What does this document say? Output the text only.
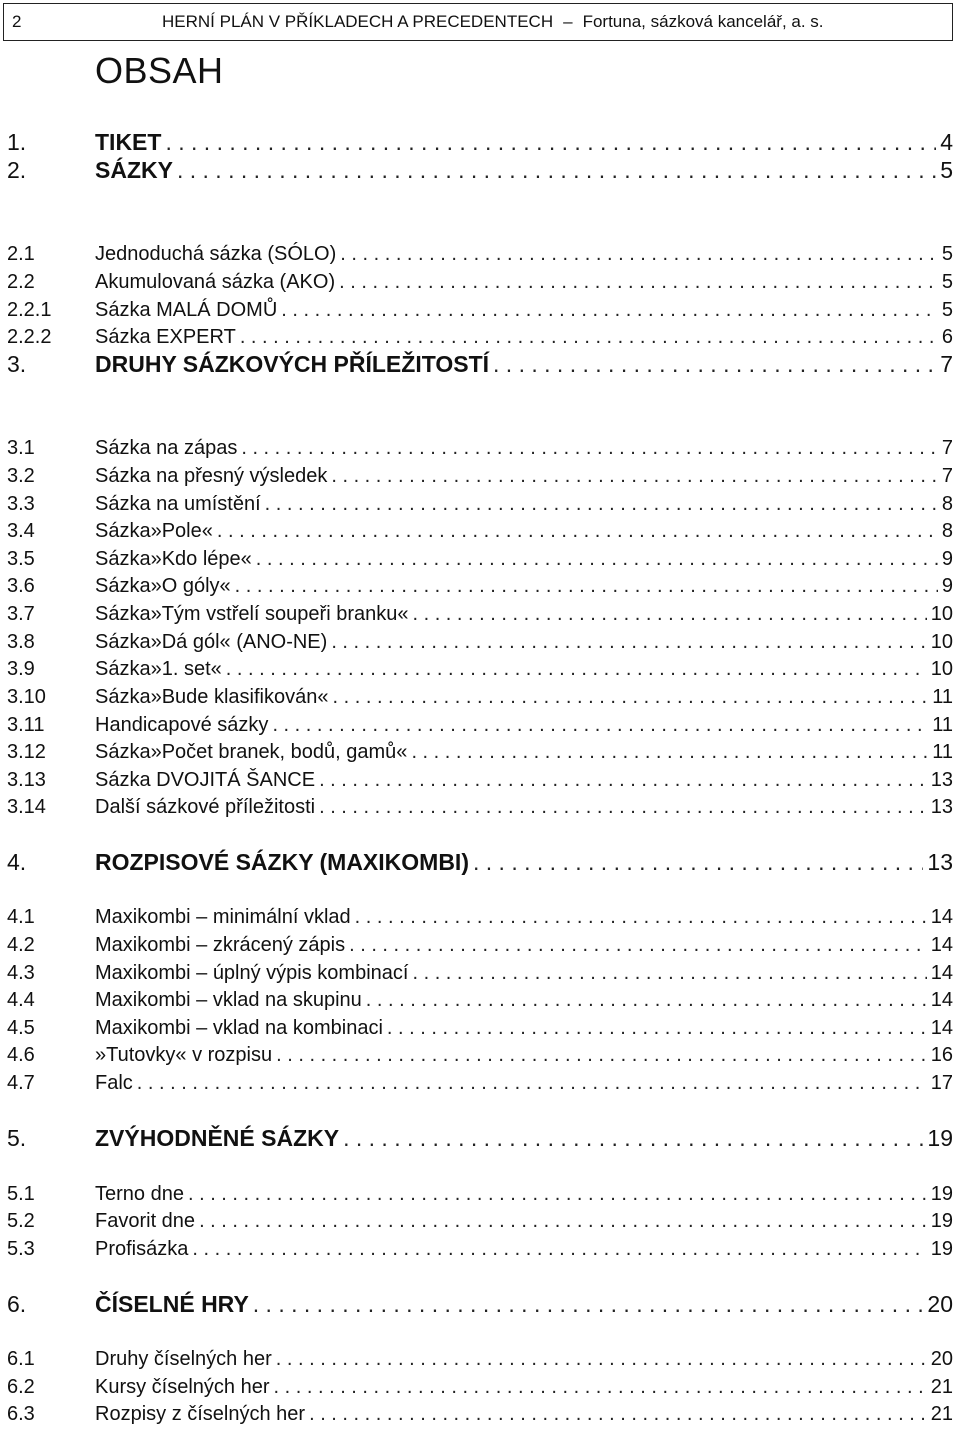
2	HERNÍ PLÁN V PŘÍKLADECH A PRECEDENTECH – Fortuna, sázková kancelář, a. s.
OBSAH
1.	TIKET . . .	4
2.	SÁZKY . . .	5
2.1	Jednoduchá sázka (SÓLO) . . .	5
2.2	Akumulovaná sázka (AKO) . . .	5
2.2.1	Sázka MALÁ DOMŮ . . .	5
2.2.2	Sázka EXPERT . . .	6
3.	DRUHY SÁZKOVÝCH PŘÍLEŽITOSTÍ . . .	7
3.1	Sázka na zápas . . .	7
3.2	Sázka na přesný výsledek . . .	7
3.3	Sázka na umístění . . .	8
3.4	Sázka»Pole« . . .	8
3.5	Sázka»Kdo lépe« . . .	9
3.6	Sázka»O góly« . . .	9
3.7	Sázka»Tým vstřelí soupeři branku« . . .	10
3.8	Sázka»Dá gól« (ANO-NE) . . .	10
3.9	Sázka»1. set« . . .	10
3.10	Sázka»Bude klasifikován« . . .	11
3.11	Handicapové sázky . . .	11
3.12	Sázka»Počet branek, bodů, gamů« . . .	11
3.13	Sázka DVOJITÁ ŠANCE . . .	13
3.14	Další sázkové příležitosti . . .	13
4.	ROZPISOVÉ SÁZKY (MAXIKOMBI) . . .	13
4.1	Maxikombi – minimální vklad . . .	14
4.2	Maxikombi – zkrácený zápis . . .	14
4.3	Maxikombi – úplný výpis kombinací . . .	14
4.4	Maxikombi – vklad na skupinu . . .	14
4.5	Maxikombi – vklad na kombinaci . . .	14
4.6	»Tutovky« v rozpisu . . .	16
4.7	Falc . . .	17
5.	ZVÝHODNĚNÉ SÁZKY . . .	19
5.1	Terno dne . . .	19
5.2	Favorit dne . . .	19
5.3	Profisázka . . .	19
6.	ČÍSELNÉ HRY . . .	20
6.1	Druhy číselných her . . .	20
6.2	Kursy číselných her . . .	21
6.3	Rozpisy z číselných her . . .	21
